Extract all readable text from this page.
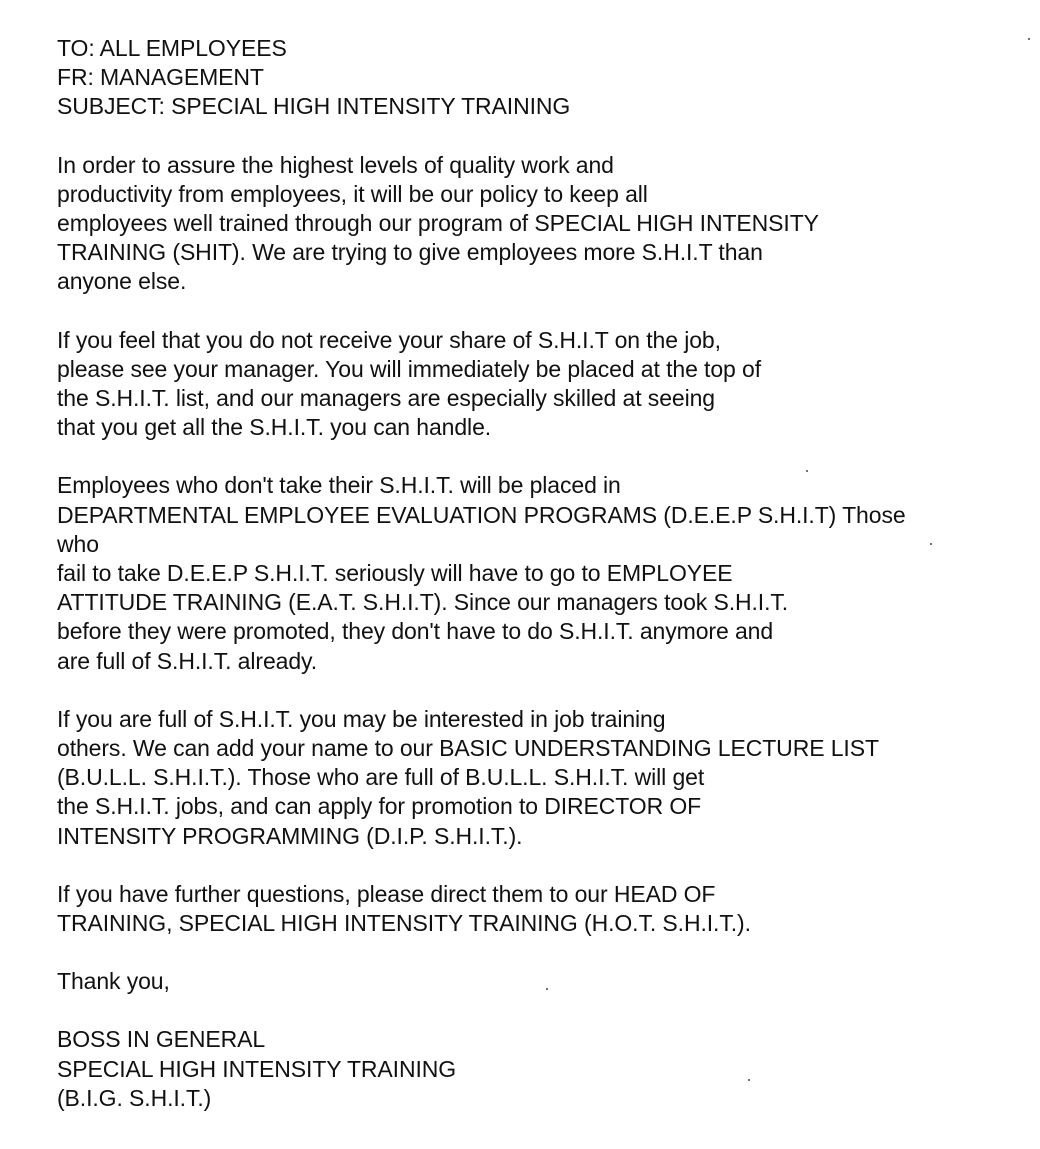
TO: ALL EMPLOYEES
FR: MANAGEMENT
SUBJECT: SPECIAL HIGH INTENSITY TRAINING
In order to assure the highest levels of quality work and
productivity from employees, it will be our policy to keep all
employees well trained through our program of SPECIAL HIGH INTENSITY
TRAINING (SHIT). We are trying to give employees more S.H.I.T than
anyone else.
If you feel that you do not receive your share of S.H.I.T on the job,
please see your manager. You will immediately be placed at the top of
the S.H.I.T. list, and our managers are especially skilled at seeing
that you get all the S.H.I.T. you can handle.
Employees who don't take their S.H.I.T. will be placed in
DEPARTMENTAL EMPLOYEE EVALUATION PROGRAMS (D.E.E.P S.H.I.T) Those
who
fail to take D.E.E.P S.H.I.T. seriously will have to go to EMPLOYEE
ATTITUDE TRAINING (E.A.T. S.H.I.T). Since our managers took S.H.I.T.
before they were promoted, they don't have to do S.H.I.T. anymore and
are full of S.H.I.T. already.
If you are full of S.H.I.T. you may be interested in job training
others. We can add your name to our BASIC UNDERSTANDING LECTURE LIST
(B.U.L.L. S.H.I.T.). Those who are full of B.U.L.L. S.H.I.T. will get
the S.H.I.T. jobs, and can apply for promotion to DIRECTOR OF
INTENSITY PROGRAMMING (D.I.P. S.H.I.T.).
If you have further questions, please direct them to our HEAD OF
TRAINING, SPECIAL HIGH INTENSITY TRAINING (H.O.T. S.H.I.T.).
Thank you,
BOSS IN GENERAL
SPECIAL HIGH INTENSITY TRAINING
(B.I.G. S.H.I.T.)
